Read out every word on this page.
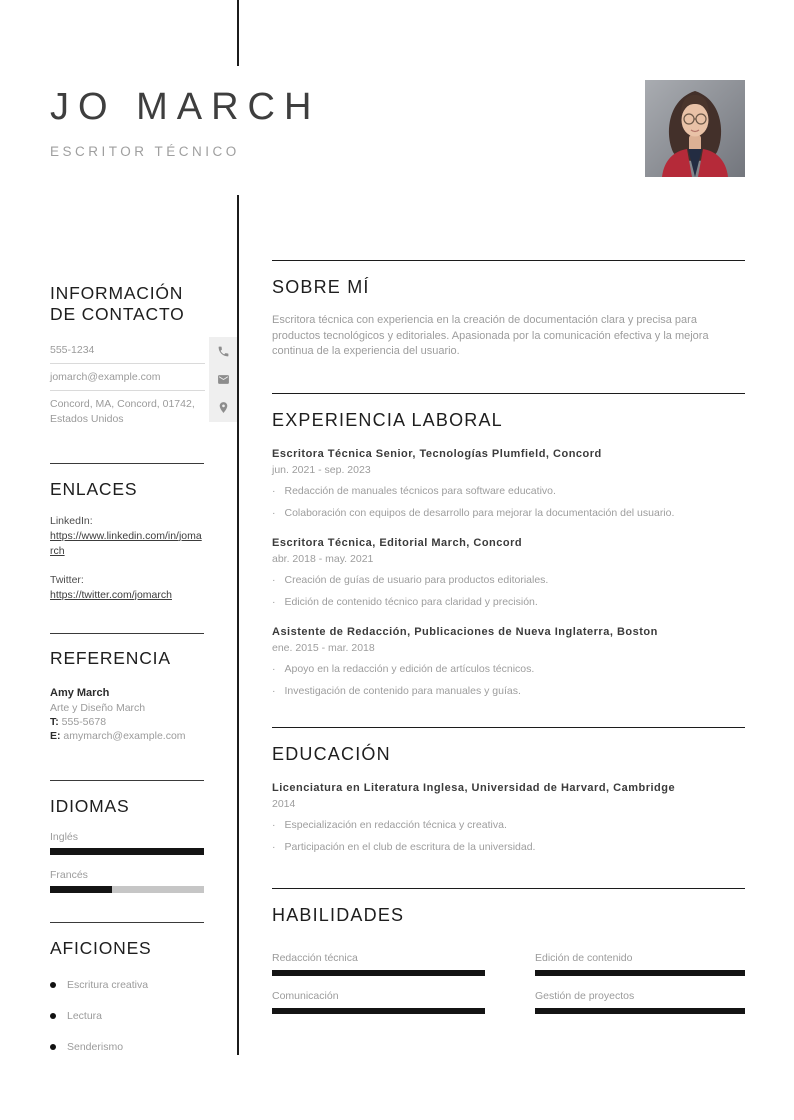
JO MARCH
ESCRITOR TÉCNICO
INFORMACIÓN DE CONTACTO
555-1234
jomarch@example.com
Concord, MA, Concord, 01742, Estados Unidos
ENLACES
LinkedIn:
https://www.linkedin.com/in/jomarch
Twitter:
https://twitter.com/jomarch
REFERENCIA
Amy March
Arte y Diseño March
T: 555-5678
E: amymarch@example.com
IDIOMAS
Inglés
Francés
AFICIONES
Escritura creativa
Lectura
Senderismo
SOBRE MÍ

Escritora técnica con experiencia en la creación de documentación clara y precisa para productos tecnológicos y editoriales. Apasionada por la comunicación efectiva y la mejora continua de la experiencia del usuario.

EXPERIENCIA LABORAL
Escritora Técnica Senior, Tecnologías Plumfield, Concord
jun. 2021 - sep. 2023
· Redacción de manuales técnicos para software educativo.
· Colaboración con equipos de desarrollo para mejorar la documentación del usuario.
Escritora Técnica, Editorial March, Concord
abr. 2018 - may. 2021
· Creación de guías de usuario para productos editoriales.
· Edición de contenido técnico para claridad y precisión.
Asistente de Redacción, Publicaciones de Nueva Inglaterra, Boston
ene. 2015 - mar. 2018
· Apoyo en la redacción y edición de artículos técnicos.
· Investigación de contenido para manuales y guías.
EDUCACIÓN
Licenciatura en Literatura Inglesa, Universidad de Harvard, Cambridge
2014
· Especialización en redacción técnica y creativa.
· Participación en el club de escritura de la universidad.
HABILIDADES
Redacción técnica	Edición de contenido
Comunicación	Gestión de proyectos
